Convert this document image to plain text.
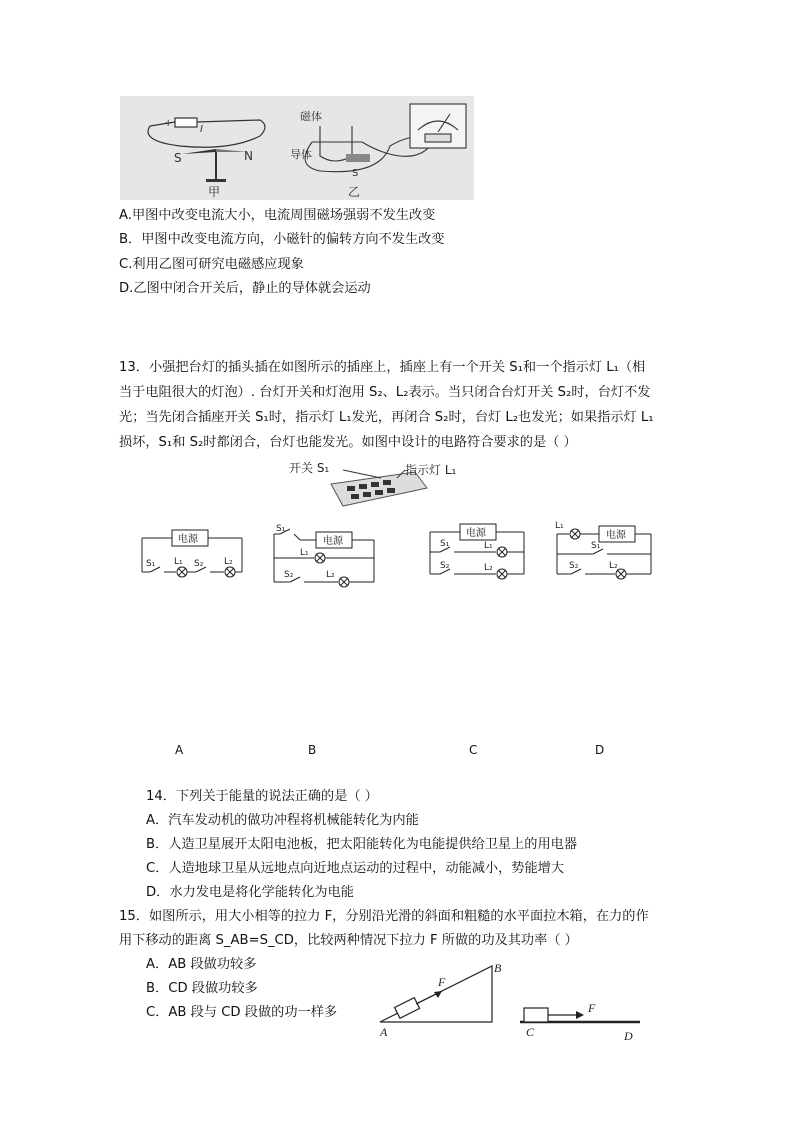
+
I
S	N
甲
磁体
导体
S
乙
A.甲图中改变电流大小，电流周围磁场强弱不发生改变
B．甲图中改变电流方向，小磁针的偏转方向不发生改变
C.利用乙图可研究电磁感应现象
D.乙图中闭合开关后，静止的导体就会运动
13．小强把台灯的插头插在如图所示的插座上，插座上有一个开关 S₁和一个指示灯 L₁（相
当于电阻很大的灯泡）. 台灯开关和灯泡用 S₂、L₂表示。当只闭合台灯开关 S₂时，台灯不发
光；当先闭合插座开关 S₁时，指示灯 L₁发光，再闭合 S₂时，台灯 L₂也发光；如果指示灯 L₁
损坏，S₁和 S₂时都闭合，台灯也能发光。如图中设计的电路符合要求的是（ ）
开关 S₁	指示灯 L₁
电源
S₁ L₁ S₂ L₂
S₁
电源
L₁
S₂	L₂
电源
S₁	L₁
S₂	L₂
L₁
电源
S₁
S₂	L₂
A	B	C	D
14．下列关于能量的说法正确的是（ ）
A．汽车发动机的做功冲程将机械能转化为内能
B．人造卫星展开太阳电池板，把太阳能转化为电能提供给卫星上的用电器
C．人造地球卫星从远地点向近地点运动的过程中，动能减小，势能增大
D．水力发电是将化学能转化为电能
15．如图所示，用大小相等的拉力 F，分别沿光滑的斜面和粗糙的水平面拉木箱，在力的作
用下移动的距离 S_AB=S_CD，比较两种情况下拉力 F 所做的功及其功率（ ）
A．AB 段做功较多
B．CD 段做功较多
C．AB 段与 CD 段做的功一样多
F
F
A
B
C	D
